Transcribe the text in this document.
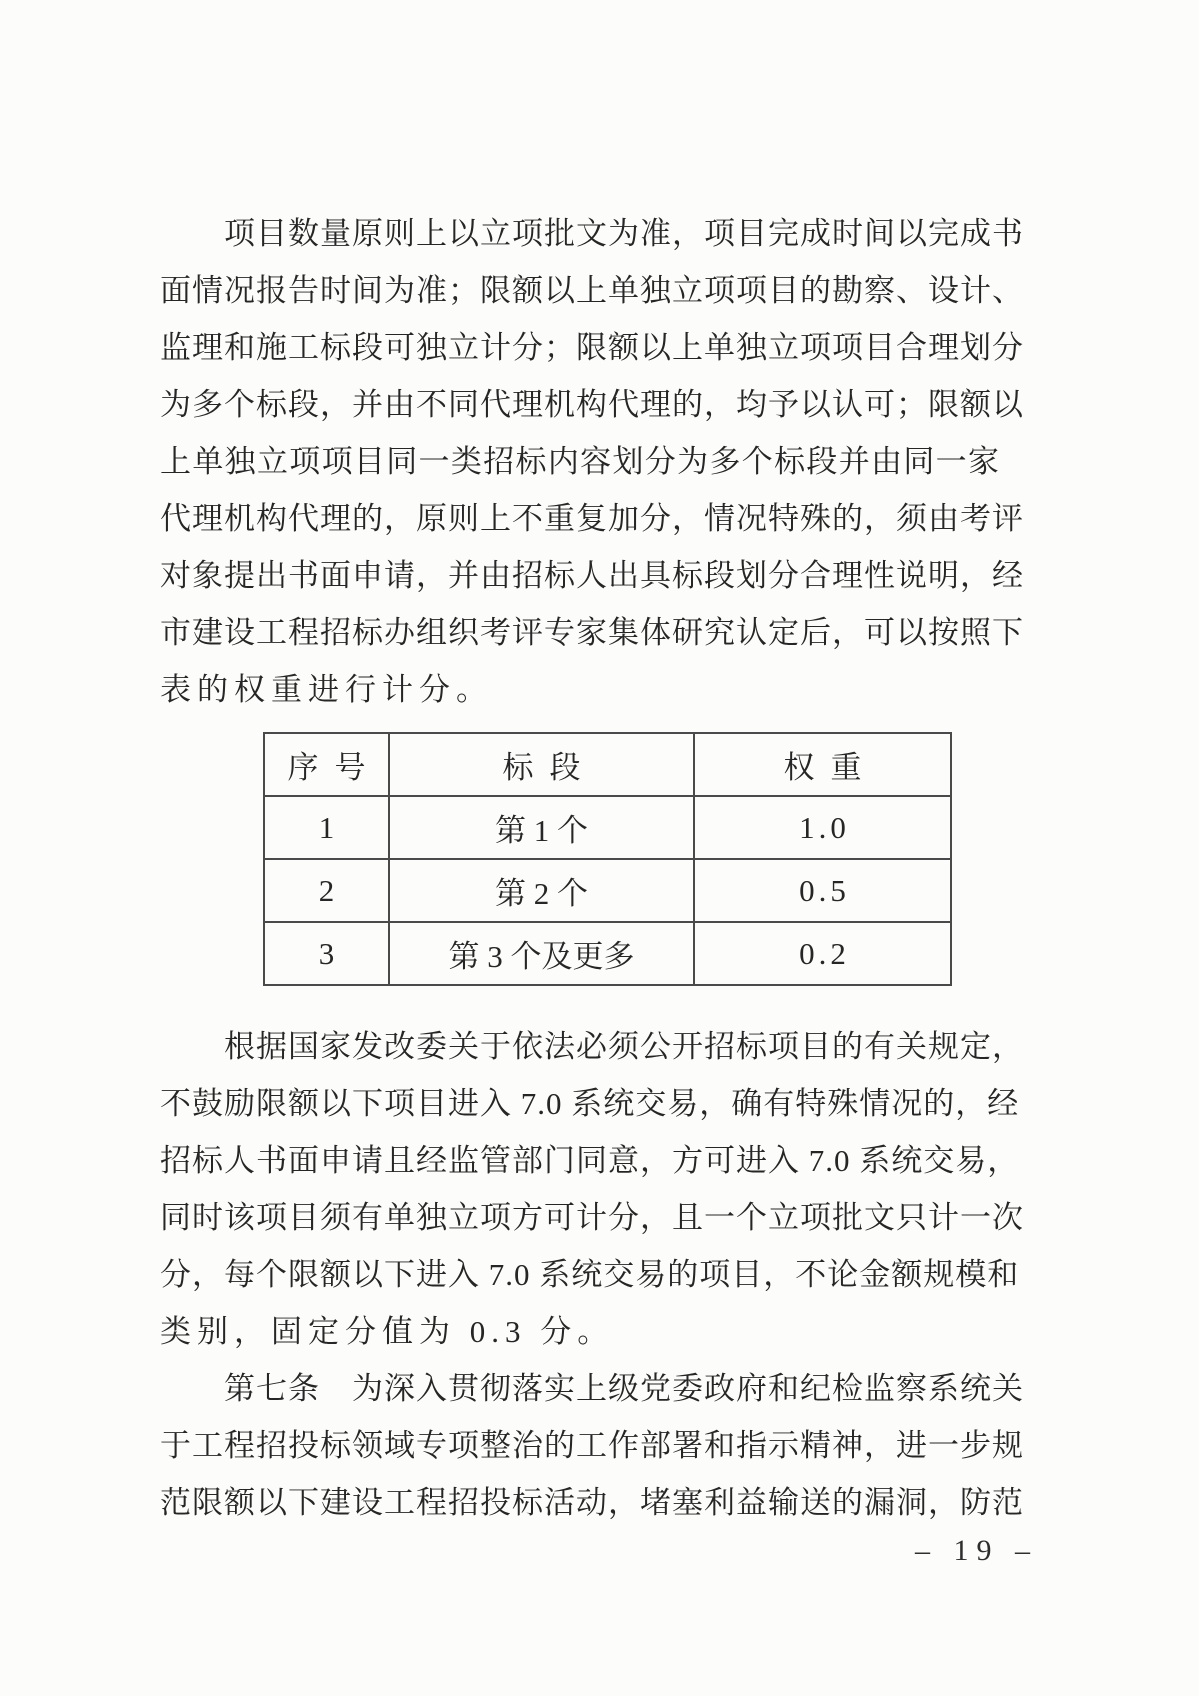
项目数量原则上以立项批文为准，项目完成时间以完成书
面情况报告时间为准；限额以上单独立项项目的勘察、设计、
监理和施工标段可独立计分；限额以上单独立项项目合理划分
为多个标段，并由不同代理机构代理的，均予以认可；限额以
上单独立项项目同一类招标内容划分为多个标段并由同一家
代理机构代理的，原则上不重复加分，情况特殊的，须由考评
对象提出书面申请，并由招标人出具标段划分合理性说明，经
市建设工程招标办组织考评专家集体研究认定后，可以按照下
表的权重进行计分。
序号	标段	权重
1	第 1 个	1.0
2	第 2 个	0.5
3	第 3 个及更多	0.2
根据国家发改委关于依法必须公开招标项目的有关规定，
不鼓励限额以下项目进入 7.0 系统交易，确有特殊情况的，经
招标人书面申请且经监管部门同意，方可进入 7.0 系统交易，
同时该项目须有单独立项方可计分，且一个立项批文只计一次
分，每个限额以下进入 7.0 系统交易的项目，不论金额规模和
类别，固定分值为 0.3 分。
第七条　为深入贯彻落实上级党委政府和纪检监察系统关
于工程招投标领域专项整治的工作部署和指示精神，进一步规
范限额以下建设工程招投标活动，堵塞利益输送的漏洞，防范
– 19 –
